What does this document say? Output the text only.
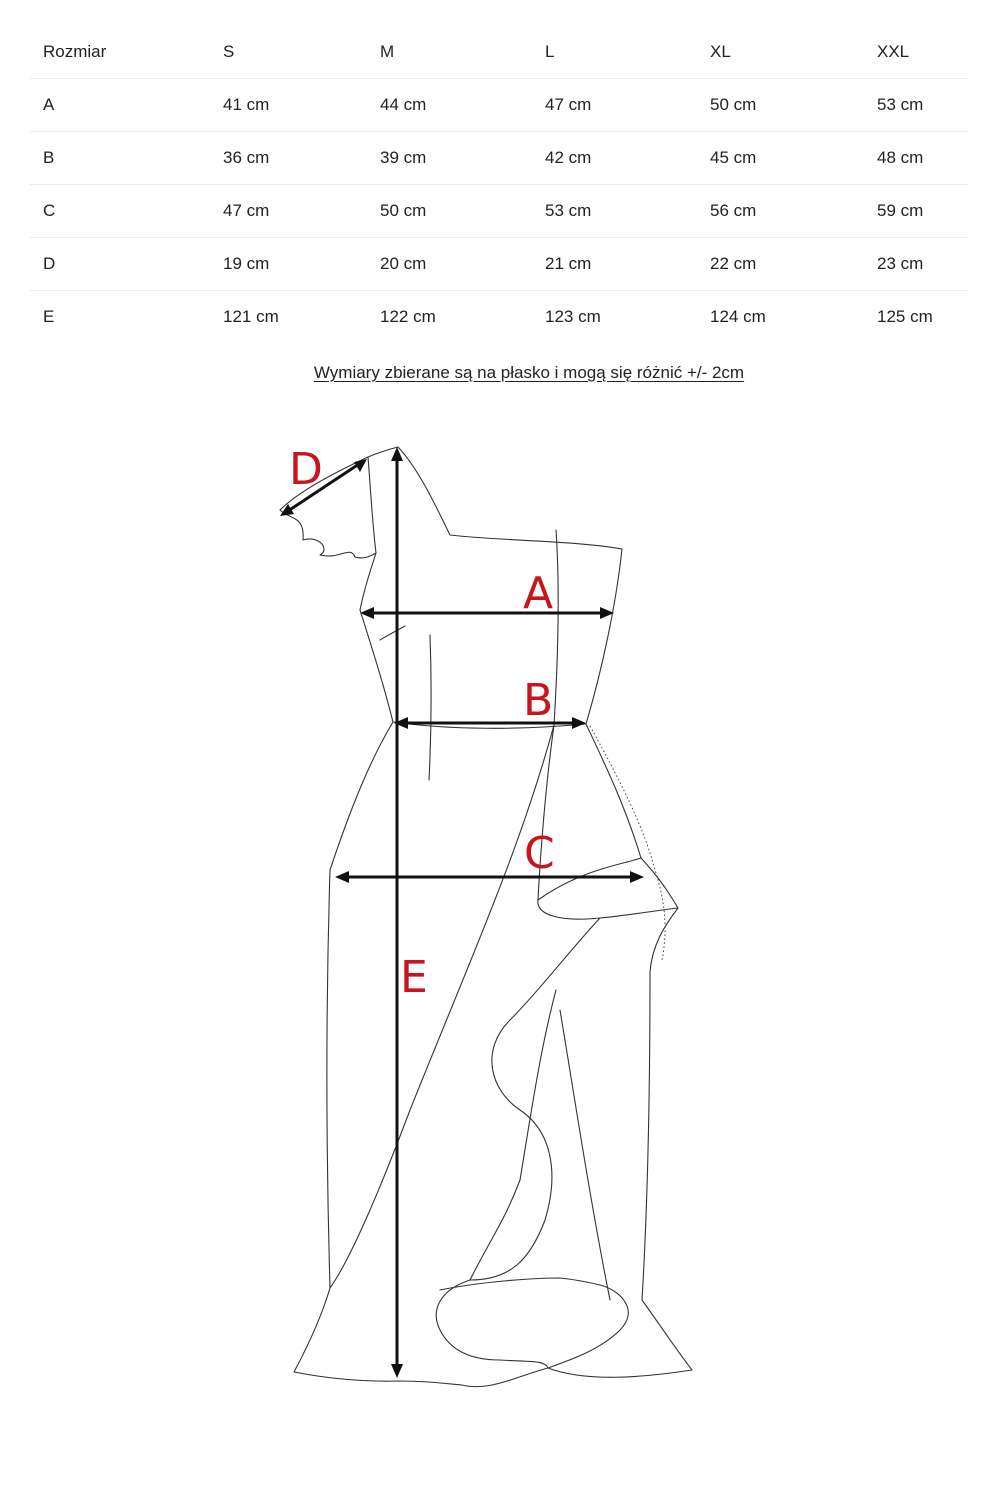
Rozmiar	S	M	L	XL	XXL
A	41 cm	44 cm	47 cm	50 cm	53 cm
B	36 cm	39 cm	42 cm	45 cm	48 cm
C	47 cm	50 cm	53 cm	56 cm	59 cm
D	19 cm	20 cm	21 cm	22 cm	23 cm
E	121 cm	122 cm	123 cm	124 cm	125 cm
Wymiary zbierane są na płasko i mogą się różnić +/- 2cm
A
B
C
D
E
